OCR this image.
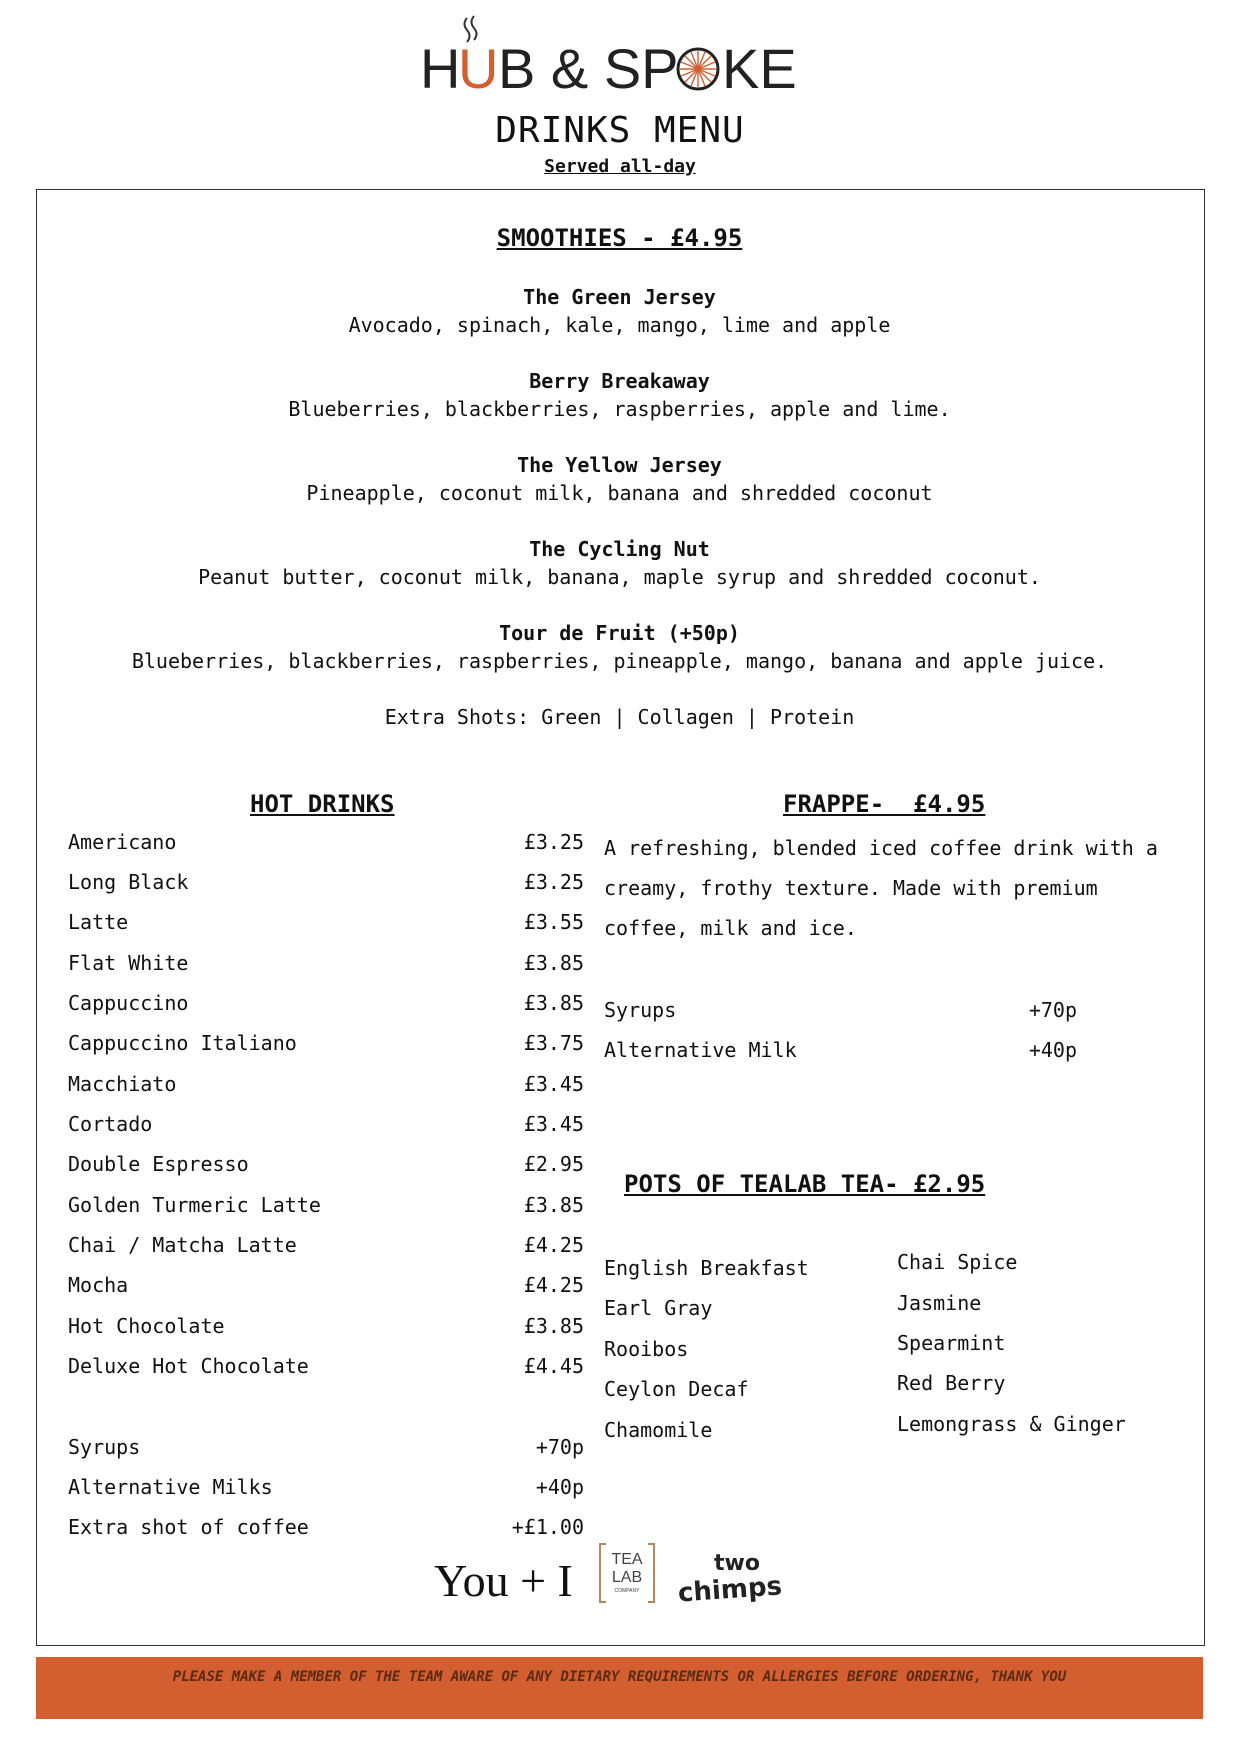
H
U B & SP KE
DRINKS MENU
Served all-day
SMOOTHIES - £4.95
The Green Jersey
Avocado, spinach, kale, mango, lime and apple
Berry Breakaway
Blueberries, blackberries, raspberries, apple and lime.
The Yellow Jersey
Pineapple, coconut milk, banana and shredded coconut
The Cycling Nut
Peanut butter, coconut milk, banana, maple syrup and shredded coconut.
Tour de Fruit (+50p)
Blueberries, blackberries, raspberries, pineapple, mango, banana and apple juice.
Extra Shots: Green | Collagen | Protein
HOT DRINKS
Americano	£3.25
Long Black	£3.25
Latte	£3.55
Flat White	£3.85
Cappuccino	£3.85
Cappuccino Italiano	£3.75
Macchiato	£3.45
Cortado	£3.45
Double Espresso	£2.95
Golden Turmeric Latte	£3.85
Chai / Matcha Latte	£4.25
Mocha	£4.25
Hot Chocolate	£3.85
Deluxe Hot Chocolate	£4.45
Syrups	+70p
Alternative Milks	+40p
Extra shot of coffee	+£1.00
FRAPPE-  £4.95
A refreshing, blended iced coffee drink with a
creamy, frothy texture. Made with premium
coffee, milk and ice.
Syrups	+70p
Alternative Milk	+40p
POTS OF TEALAB TEA- £2.95
English Breakfast
Earl Gray
Rooibos
Ceylon Decaf
Chamomile
Chai Spice
Jasmine
Spearmint
Red Berry
Lemongrass & Ginger
You + I TEA
LAB
COMPANY
two
chimps
PLEASE MAKE A MEMBER OF THE TEAM AWARE OF ANY DIETARY REQUIREMENTS OR ALLERGIES BEFORE ORDERING, THANK YOU
